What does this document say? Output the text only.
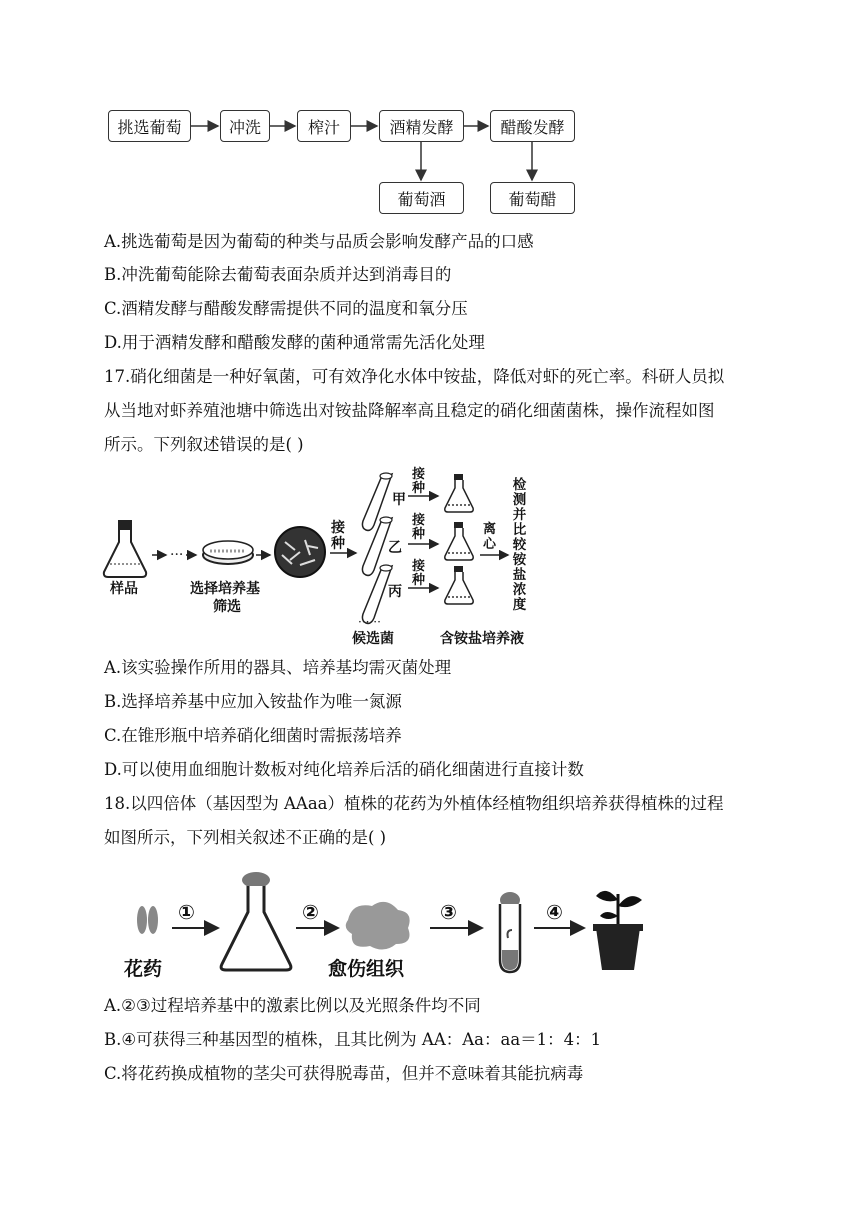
挑选葡萄	冲洗	榨汁	酒精发酵	醋酸发酵
葡萄酒	葡萄醋
A.挑选葡萄是因为葡萄的种类与品质会影响发酵产品的口感
B.冲洗葡萄能除去葡萄表面杂质并达到消毒目的
C.酒精发酵与醋酸发酵需提供不同的温度和氧分压
D.用于酒精发酵和醋酸发酵的菌种通常需先活化处理
17.硝化细菌是一种好氧菌，可有效净化水体中铵盐，降低对虾的死亡率。科研人员拟
从当地对虾养殖池塘中筛选出对铵盐降解率高且稳定的硝化细菌菌株，操作流程如图
所示。下列叙述错误的是( )
···
······
样品	选择培养基
筛选
接种
甲
乙
丙
接种
接种
接种
离心
检测并比较铵盐浓度
候选菌	含铵盐培养液
A.该实验操作所用的器具、培养基均需灭菌处理
B.选择培养基中应加入铵盐作为唯一氮源
C.在锥形瓶中培养硝化细菌时需振荡培养
D.可以使用血细胞计数板对纯化培养后活的硝化细菌进行直接计数
18.以四倍体（基因型为 AAaa）植株的花药为外植体经植物组织培养获得植株的过程
如图所示，下列相关叙述不正确的是( )
①	②	③	④
花药	愈伤组织
A.②③过程培养基中的激素比例以及光照条件均不同
B.④可获得三种基因型的植株，且其比例为 AA：Aa：aa＝1：4：1
C.将花药换成植物的茎尖可获得脱毒苗，但并不意味着其能抗病毒
